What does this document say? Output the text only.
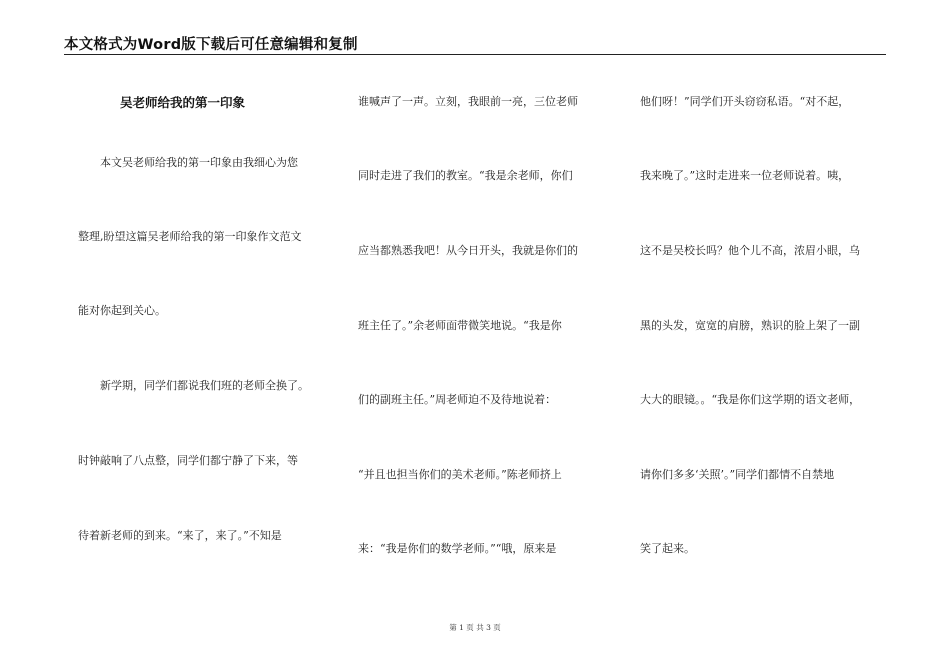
本文格式为Word版下载后可任意编辑和复制
吴老师给我的第一印象
　　本文吴老师给我的第一印象由我细心为您
整理,盼望这篇吴老师给我的第一印象作文范文
能对你起到关心。
　　新学期，同学们都说我们班的老师全换了。
时钟敲响了八点整，同学们都宁静了下来，等
待着新老师的到来。“来了，来了。”不知是
谁喊声了一声。立刻，我眼前一亮，三位老师
同时走进了我们的教室。“我是余老师，你们
应当都熟悉我吧！从今日开头，我就是你们的
班主任了。”余老师面带微笑地说。“我是你
们的副班主任。”周老师迫不及待地说着：
“并且也担当你们的美术老师。”陈老师挤上
来：“我是你们的数学老师。”“哦，原来是
他们呀！”同学们开头窃窃私语。“对不起，
我来晚了。”这时走进来一位老师说着。咦，
这不是吴校长吗？他个儿不高，浓眉小眼，乌
黑的头发，宽宽的肩膀，熟识的脸上架了一副
大大的眼镜。。“我是你们这学期的语文老师，
请你们多多‘关照’。”同学们都情不自禁地
笑了起来。
第 1 页 共 3 页
